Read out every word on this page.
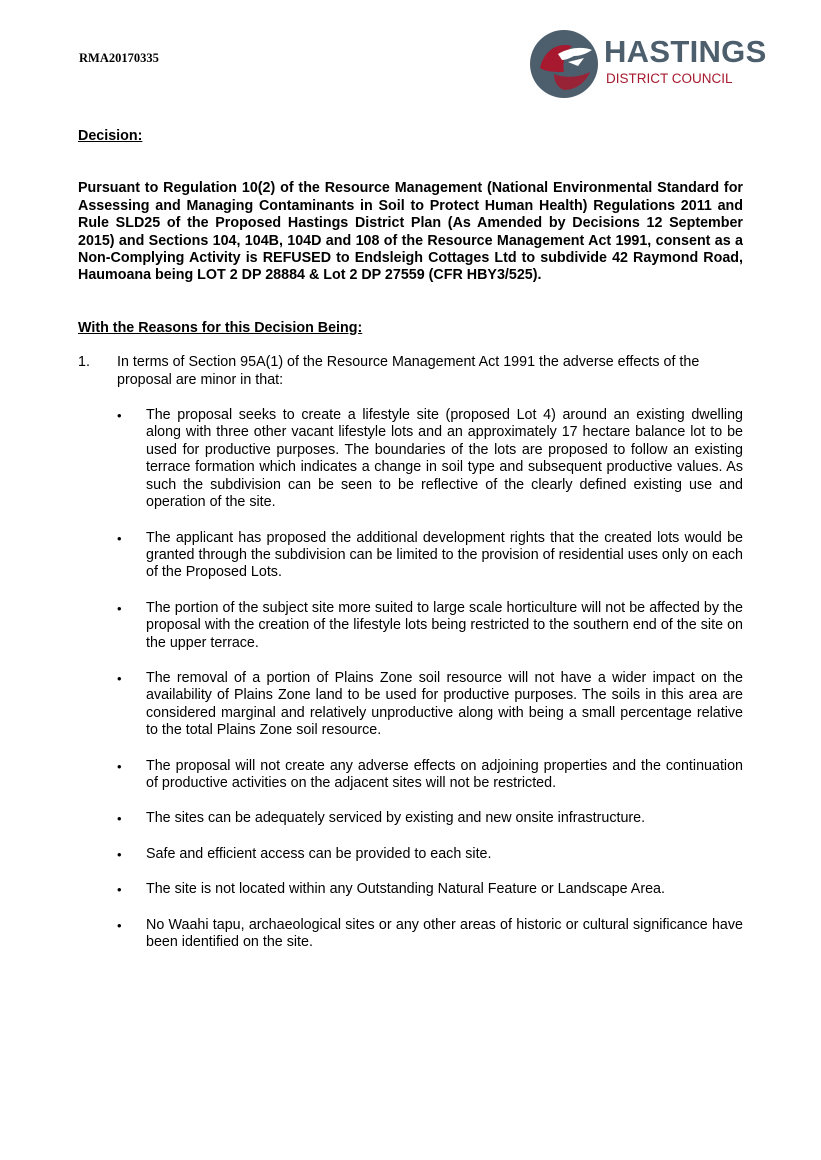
RMA20170335	HASTINGS
DISTRICT COUNCIL

Decision:

Pursuant to Regulation 10(2) of the Resource Management (National Environmental Standard for Assessing and Managing Contaminants in Soil to Protect Human Health) Regulations 2011 and Rule SLD25 of the Proposed Hastings District Plan (As Amended by Decisions 12 September 2015) and Sections 104, 104B, 104D and 108 of the Resource Management Act 1991, consent as a Non-Complying Activity is REFUSED to Endsleigh Cottages Ltd to subdivide 42 Raymond Road, Haumoana being LOT 2 DP 28884 & Lot 2 DP 27559 (CFR HBY3/525).

With the Reasons for this Decision Being:

1. In terms of Section 95A(1) of the Resource Management Act 1991 the adverse effects of the proposal are minor in that:

• The proposal seeks to create a lifestyle site (proposed Lot 4) around an existing dwelling along with three other vacant lifestyle lots and an approximately 17 hectare balance lot to be used for productive purposes. The boundaries of the lots are proposed to follow an existing terrace formation which indicates a change in soil type and subsequent productive values. As such the subdivision can be seen to be reflective of the clearly defined existing use and operation of the site.
• The applicant has proposed the additional development rights that the created lots would be granted through the subdivision can be limited to the provision of residential uses only on each of the Proposed Lots.
• The portion of the subject site more suited to large scale horticulture will not be affected by the proposal with the creation of the lifestyle lots being restricted to the southern end of the site on the upper terrace.
• The removal of a portion of Plains Zone soil resource will not have a wider impact on the availability of Plains Zone land to be used for productive purposes. The soils in this area are considered marginal and relatively unproductive along with being a small percentage relative to the total Plains Zone soil resource.
• The proposal will not create any adverse effects on adjoining properties and the continuation of productive activities on the adjacent sites will not be restricted.
• The sites can be adequately serviced by existing and new onsite infrastructure.
• Safe and efficient access can be provided to each site.
• The site is not located within any Outstanding Natural Feature or Landscape Area.
• No Waahi tapu, archaeological sites or any other areas of historic or cultural significance have been identified on the site.
